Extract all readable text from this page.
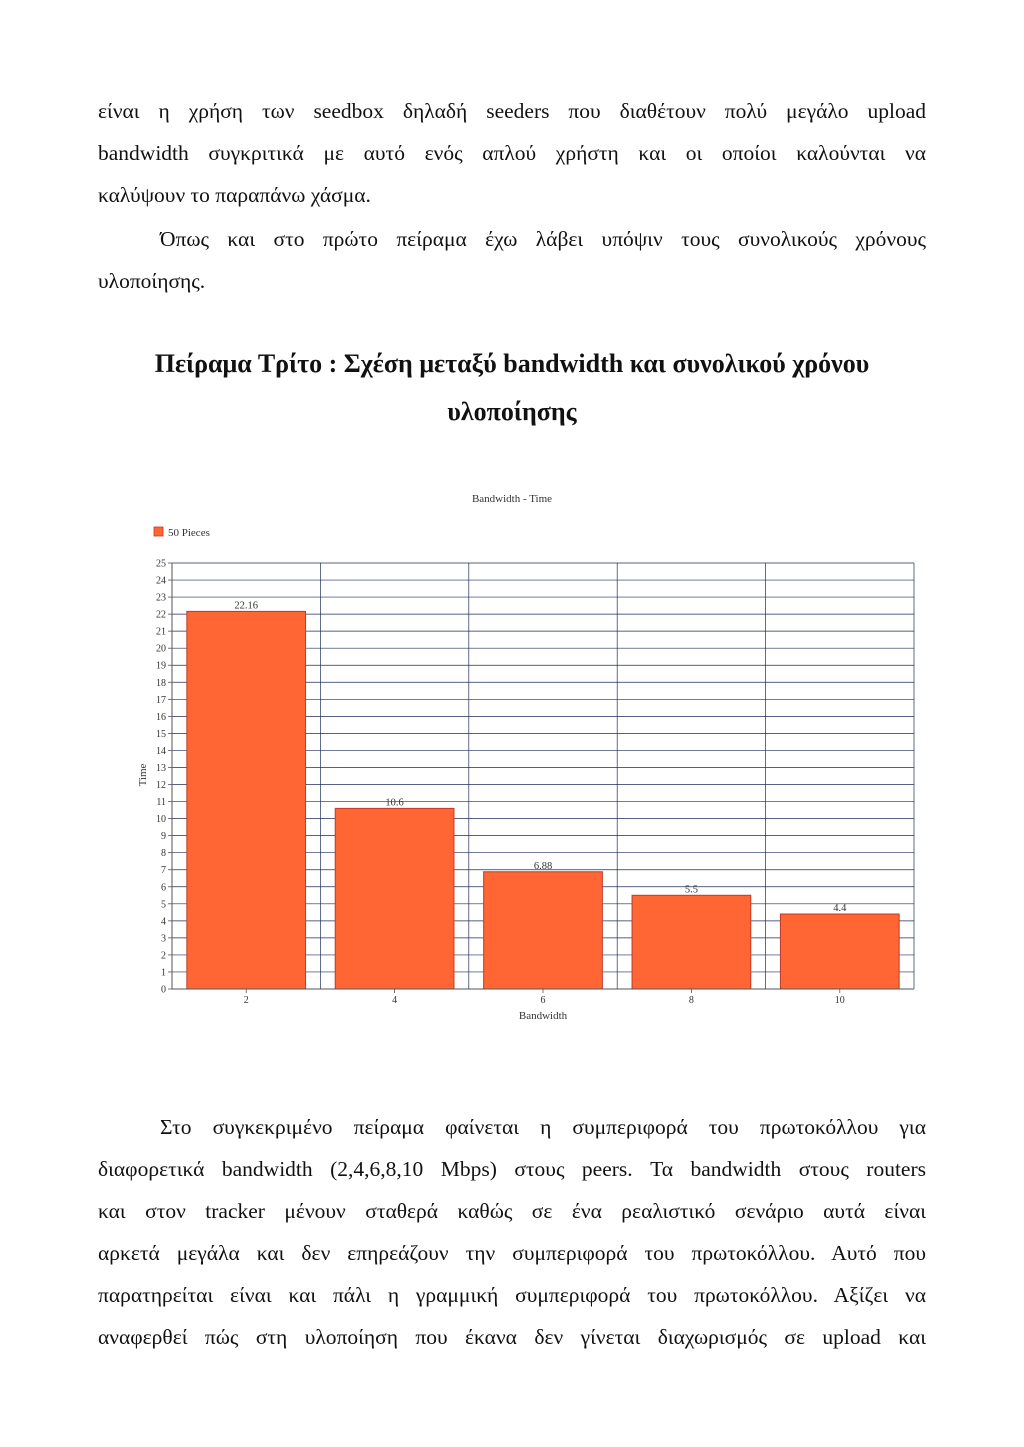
είναι η χρήση των seedbox δηλαδή seeders που διαθέτουν πολύ μεγάλο upload
bandwidth συγκριτικά με αυτό ενός απλού χρήστη και οι οποίοι καλούνται να
καλύψουν το παραπάνω χάσμα.
Όπως και στο πρώτο πείραμα έχω λάβει υπόψιν τους συνολικούς χρόνους
υλοποίησης.
Πείραμα Τρίτο : Σχέση μεταξύ bandwidth και συνολικού χρόνου
υλοποίησης
Bandwidth - Time
50 Pieces
22.16
10.6
6.88
5.5
4.4
0
1
2
3
4
5
6
7
8
9
10
11
12
13
14
15
16
17
18
19
20
21
22
23
24
25
2	4	6	8	10
Time
Bandwidth
Στο συγκεκριμένο πείραμα φαίνεται η συμπεριφορά του πρωτοκόλλου για
διαφορετικά bandwidth (2,4,6,8,10 Mbps) στους peers. Τα bandwidth στους routers
και στον tracker μένουν σταθερά καθώς σε ένα ρεαλιστικό σενάριο αυτά είναι
αρκετά μεγάλα και δεν επηρεάζουν την συμπεριφορά του πρωτοκόλλου. Αυτό που
παρατηρείται είναι και πάλι η γραμμική συμπεριφορά του πρωτοκόλλου. Αξίζει να
αναφερθεί πώς στη υλοποίηση που έκανα δεν γίνεται διαχωρισμός σε upload και
